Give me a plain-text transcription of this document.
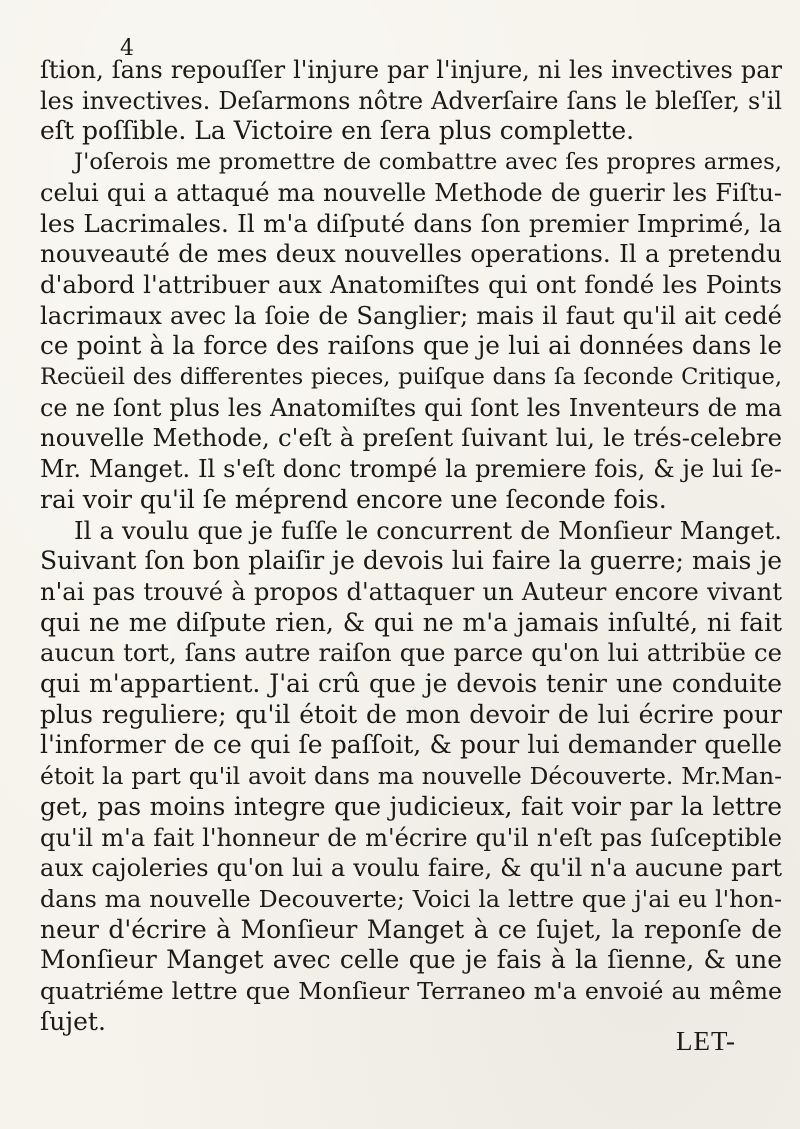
4
ſtion, ſans repouſſer l'injure par l'injure, ni les invectives par
les invectives. Deſarmons nôtre Adverſaire ſans le bleſſer, s'il
eſt poſſible. La Victoire en ſera plus complette.
J'oſerois me promettre de combattre avec ſes propres armes,
celui qui a attaqué ma nouvelle Methode de guerir les Fiſtu-
les Lacrimales. Il m'a diſputé dans ſon premier Imprimé, la
nouveauté de mes deux nouvelles operations. Il a pretendu
d'abord l'attribuer aux Anatomiſtes qui ont fondé les Points
lacrimaux avec la ſoie de Sanglier; mais il faut qu'il ait cedé
ce point à la force des raiſons que je lui ai données dans le
Recüeil des differentes pieces, puiſque dans ſa ſeconde Critique,
ce ne ſont plus les Anatomiſtes qui ſont les Inventeurs de ma
nouvelle Methode, c'eſt à preſent ſuivant lui, le trés-celebre
Mr. Manget. Il s'eſt donc trompé la premiere fois, & je lui ſe-
rai voir qu'il ſe méprend encore une ſeconde fois.
Il a voulu que je fuſſe le concurrent de Monſieur Manget.
Suivant ſon bon plaiſir je devois lui faire la guerre; mais je
n'ai pas trouvé à propos d'attaquer un Auteur encore vivant
qui ne me diſpute rien, & qui ne m'a jamais inſulté, ni fait
aucun tort, ſans autre raiſon que parce qu'on lui attribüe ce
qui m'appartient. J'ai crû que je devois tenir une conduite
plus reguliere; qu'il étoit de mon devoir de lui écrire pour
l'informer de ce qui ſe paſſoit, & pour lui demander quelle
étoit la part qu'il avoit dans ma nouvelle Découverte. Mr.Man-
get, pas moins integre que judicieux, fait voir par la lettre
qu'il m'a fait l'honneur de m'écrire qu'il n'eſt pas ſuſceptible
aux cajoleries qu'on lui a voulu faire, & qu'il n'a aucune part
dans ma nouvelle Decouverte; Voici la lettre que j'ai eu l'hon-
neur d'écrire à Monſieur Manget à ce ſujet, la reponſe de
Monſieur Manget avec celle que je fais à la ſienne, & une
quatriéme lettre que Monſieur Terraneo m'a envoié au même
ſujet.
LET-
